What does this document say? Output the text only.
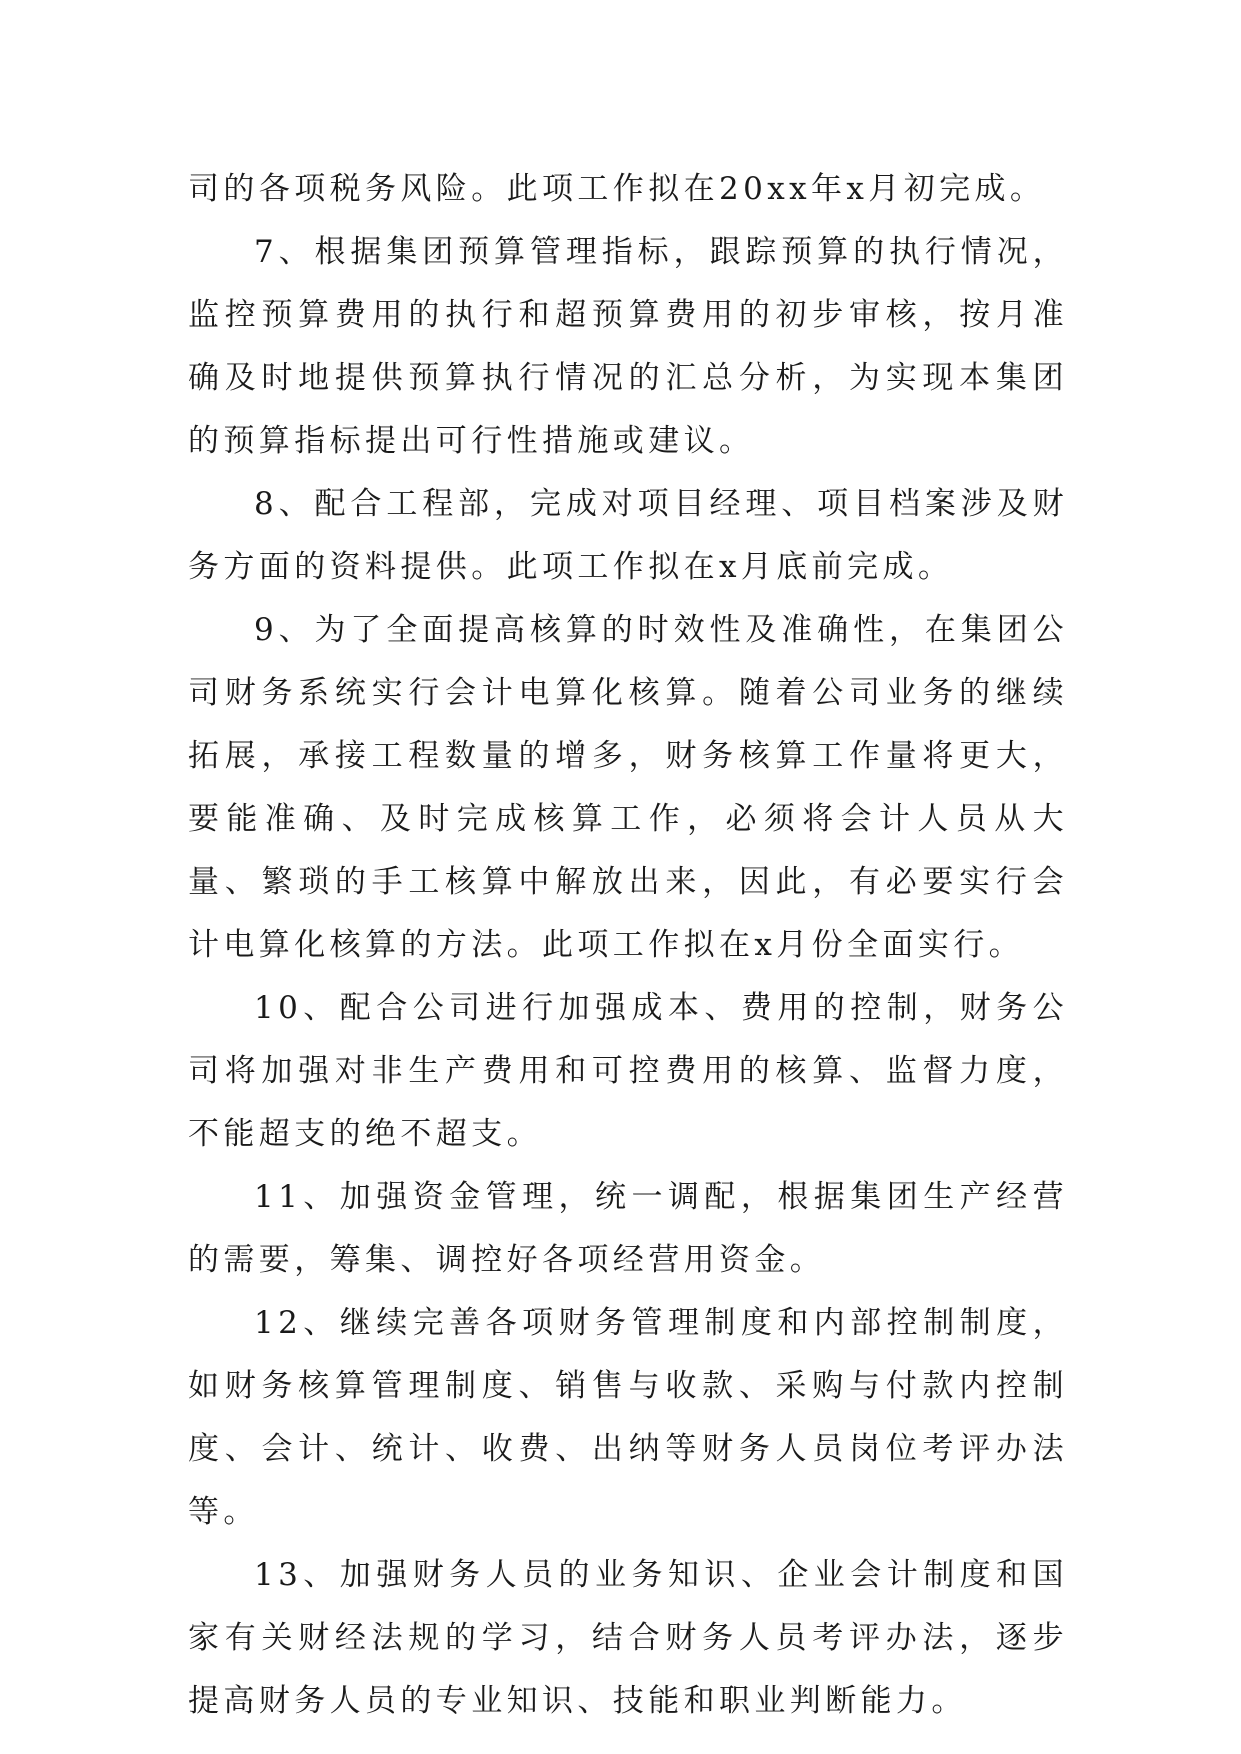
司的各项税务风险。此项工作拟在20xx年x月初完成。

7、根据集团预算管理指标，跟踪预算的执行情况，监控预算费用的执行和超预算费用的初步审核，按月准确及时地提供预算执行情况的汇总分析，为实现本集团的预算指标提出可行性措施或建议。

8、配合工程部，完成对项目经理、项目档案涉及财务方面的资料提供。此项工作拟在x月底前完成。

9、为了全面提高核算的时效性及准确性，在集团公司财务系统实行会计电算化核算。随着公司业务的继续拓展，承接工程数量的增多，财务核算工作量将更大，要能准确、及时完成核算工作，必须将会计人员从大量、繁琐的手工核算中解放出来，因此，有必要实行会计电算化核算的方法。此项工作拟在x月份全面实行。

10、配合公司进行加强成本、费用的控制，财务公司将加强对非生产费用和可控费用的核算、监督力度，不能超支的绝不超支。

11、加强资金管理，统一调配，根据集团生产经营的需要，筹集、调控好各项经营用资金。

12、继续完善各项财务管理制度和内部控制制度，如财务核算管理制度、销售与收款、采购与付款内控制度、会计、统计、收费、出纳等财务人员岗位考评办法等。

13、加强财务人员的业务知识、企业会计制度和国家有关财经法规的学习，结合财务人员考评办法，逐步提高财务人员的专业知识、技能和职业判断能力。
